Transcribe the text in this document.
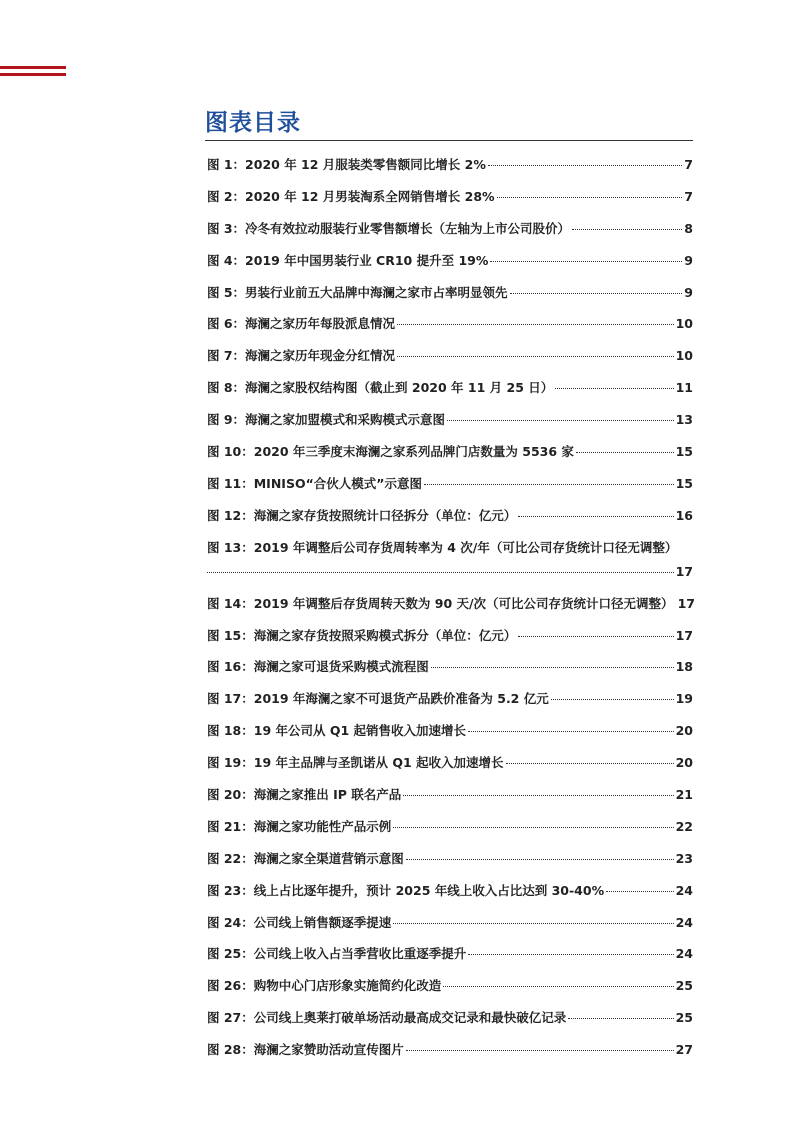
图表目录
图 1：2020 年 12 月服装类零售额同比增长 2%	7
图 2：2020 年 12 月男装淘系全网销售增长 28%	7
图 3：冷冬有效拉动服装行业零售额增长（左轴为上市公司股价）	8
图 4：2019 年中国男装行业 CR10 提升至 19%	9
图 5：男装行业前五大品牌中海澜之家市占率明显领先	9
图 6：海澜之家历年每股派息情况	10
图 7：海澜之家历年现金分红情况	10
图 8：海澜之家股权结构图（截止到 2020 年 11 月 25 日）	11
图 9：海澜之家加盟模式和采购模式示意图	13
图 10：2020 年三季度末海澜之家系列品牌门店数量为 5536 家	15
图 11：MINISO“合伙人模式”示意图	15
图 12：海澜之家存货按照统计口径拆分（单位：亿元）	16
图 13：2019 年调整后公司存货周转率为 4 次/年（可比公司存货统计口径无调整）
17
图 14：2019 年调整后存货周转天数为 90 天/次（可比公司存货统计口径无调整） 17
图 15：海澜之家存货按照采购模式拆分（单位：亿元）	17
图 16：海澜之家可退货采购模式流程图	18
图 17：2019 年海澜之家不可退货产品跌价准备为 5.2 亿元	19
图 18：19 年公司从 Q1 起销售收入加速增长	20
图 19：19 年主品牌与圣凯诺从 Q1 起收入加速增长	20
图 20：海澜之家推出 IP 联名产品	21
图 21：海澜之家功能性产品示例	22
图 22：海澜之家全渠道营销示意图	23
图 23：线上占比逐年提升，预计 2025 年线上收入占比达到 30-40%	24
图 24：公司线上销售额逐季提速	24
图 25：公司线上收入占当季营收比重逐季提升	24
图 26：购物中心门店形象实施简约化改造	25
图 27：公司线上奥莱打破单场活动最高成交记录和最快破亿记录	25
图 28：海澜之家赞助活动宣传图片	27
